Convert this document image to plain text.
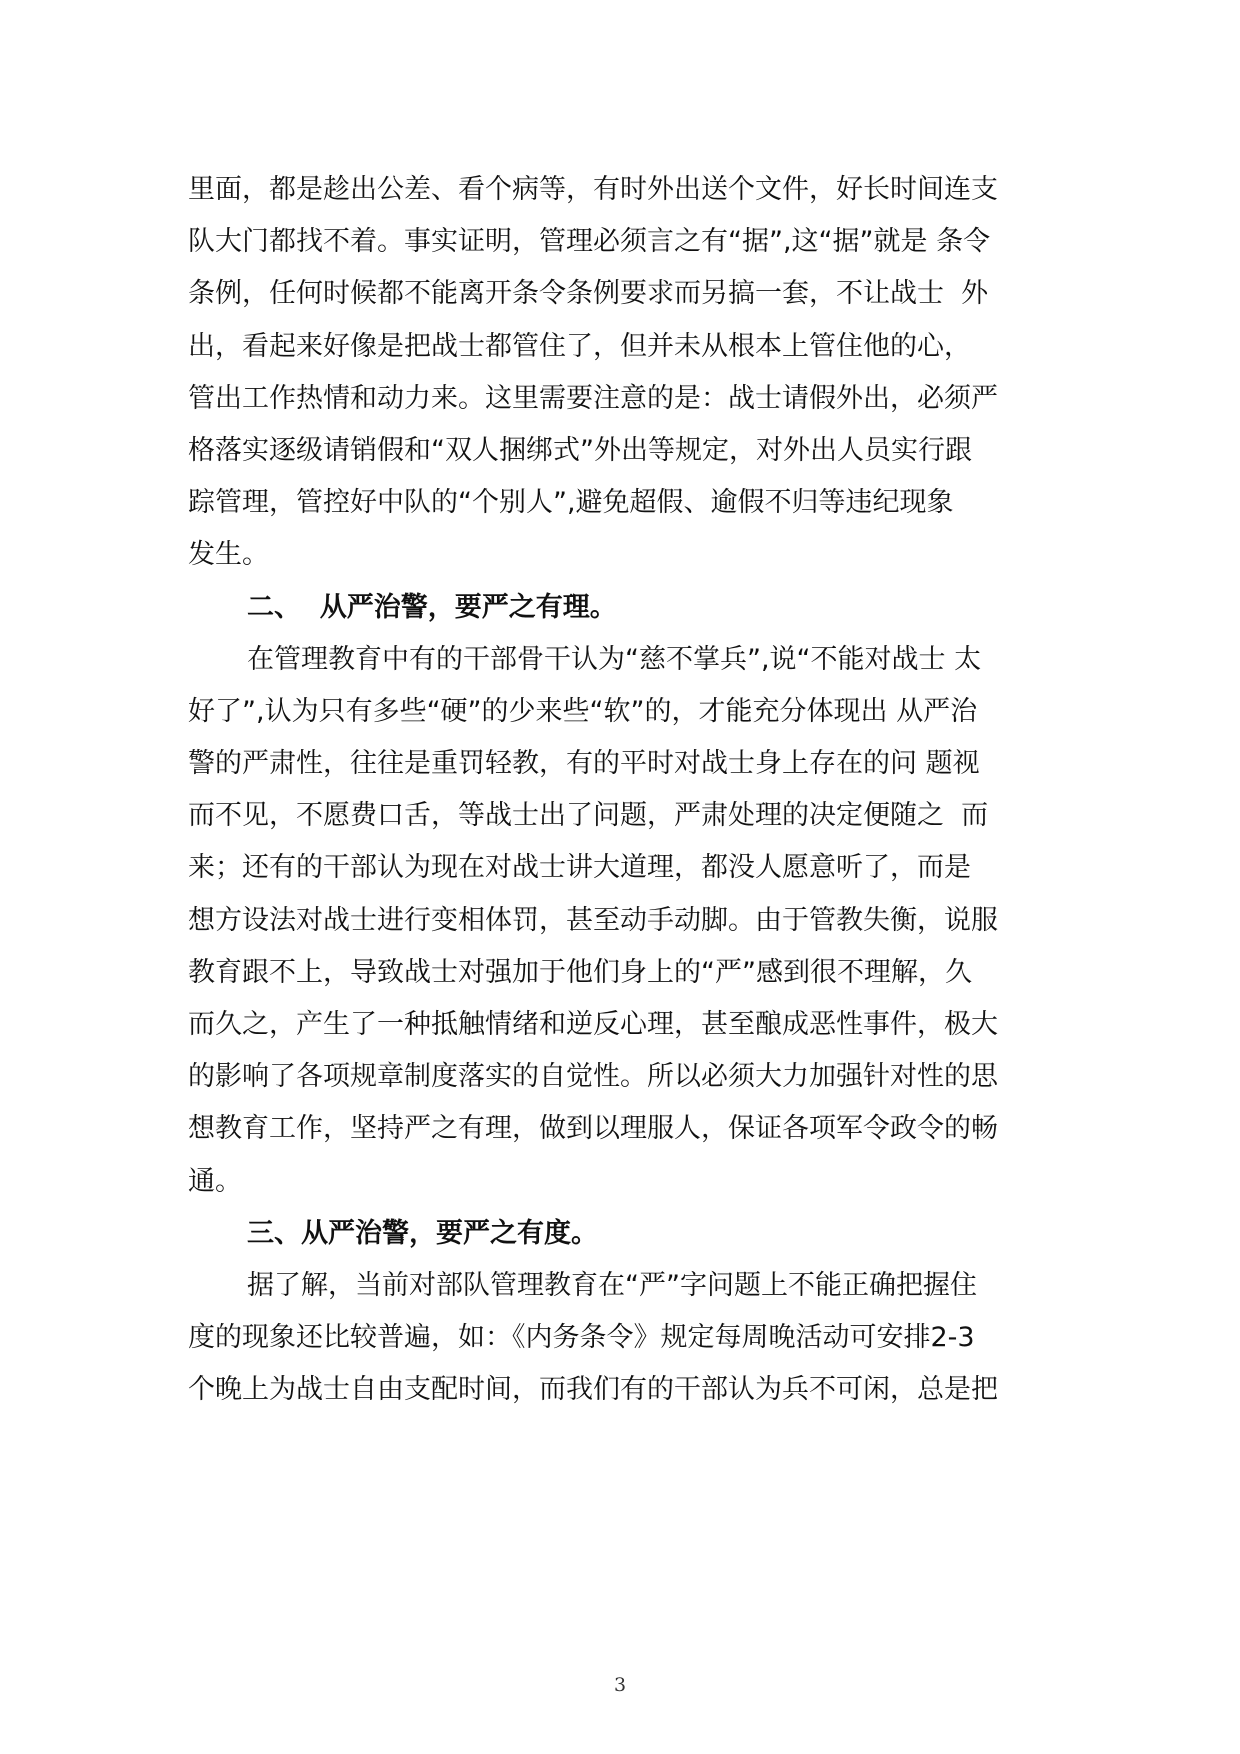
里面，都是趁出公差、看个病等，有时外出送个文件，好长时间连支
队大门都找不着。事实证明，管理必须言之有“据”,这“据”就是 条令
条例，任何时候都不能离开条令条例要求而另搞一套，不让战士  外
出，看起来好像是把战士都管住了，但并未从根本上管住他的心，
管出工作热情和动力来。这里需要注意的是：战士请假外出，必须严
格落实逐级请销假和“双人捆绑式”外出等规定，对外出人员实行跟
踪管理，管控好中队的“个别人”,避免超假、逾假不归等违纪现象
发生。
二、  从严治警，要严之有理。
在管理教育中有的干部骨干认为“慈不掌兵”,说“不能对战士 太
好了”,认为只有多些“硬”的少来些“软”的，才能充分体现出 从严治
警的严肃性，往往是重罚轻教，有的平时对战士身上存在的问 题视
而不见，不愿费口舌，等战士出了问题，严肃处理的决定便随之  而
来；还有的干部认为现在对战士讲大道理，都没人愿意听了，而是
想方设法对战士进行变相体罚，甚至动手动脚。由于管教失衡，说服
教育跟不上，导致战士对强加于他们身上的“严”感到很不理解，久
而久之，产生了一种抵触情绪和逆反心理，甚至酿成恶性事件，极大
的影响了各项规章制度落实的自觉性。所以必须大力加强针对性的思
想教育工作，坚持严之有理，做到以理服人，保证各项军令政令的畅
通。
三、从严治警，要严之有度。
据了解，当前对部队管理教育在“严”字问题上不能正确把握住
度的现象还比较普遍，如：《内务条令》规定每周晚活动可安排2-3
个晚上为战士自由支配时间，而我们有的干部认为兵不可闲，总是把
3
